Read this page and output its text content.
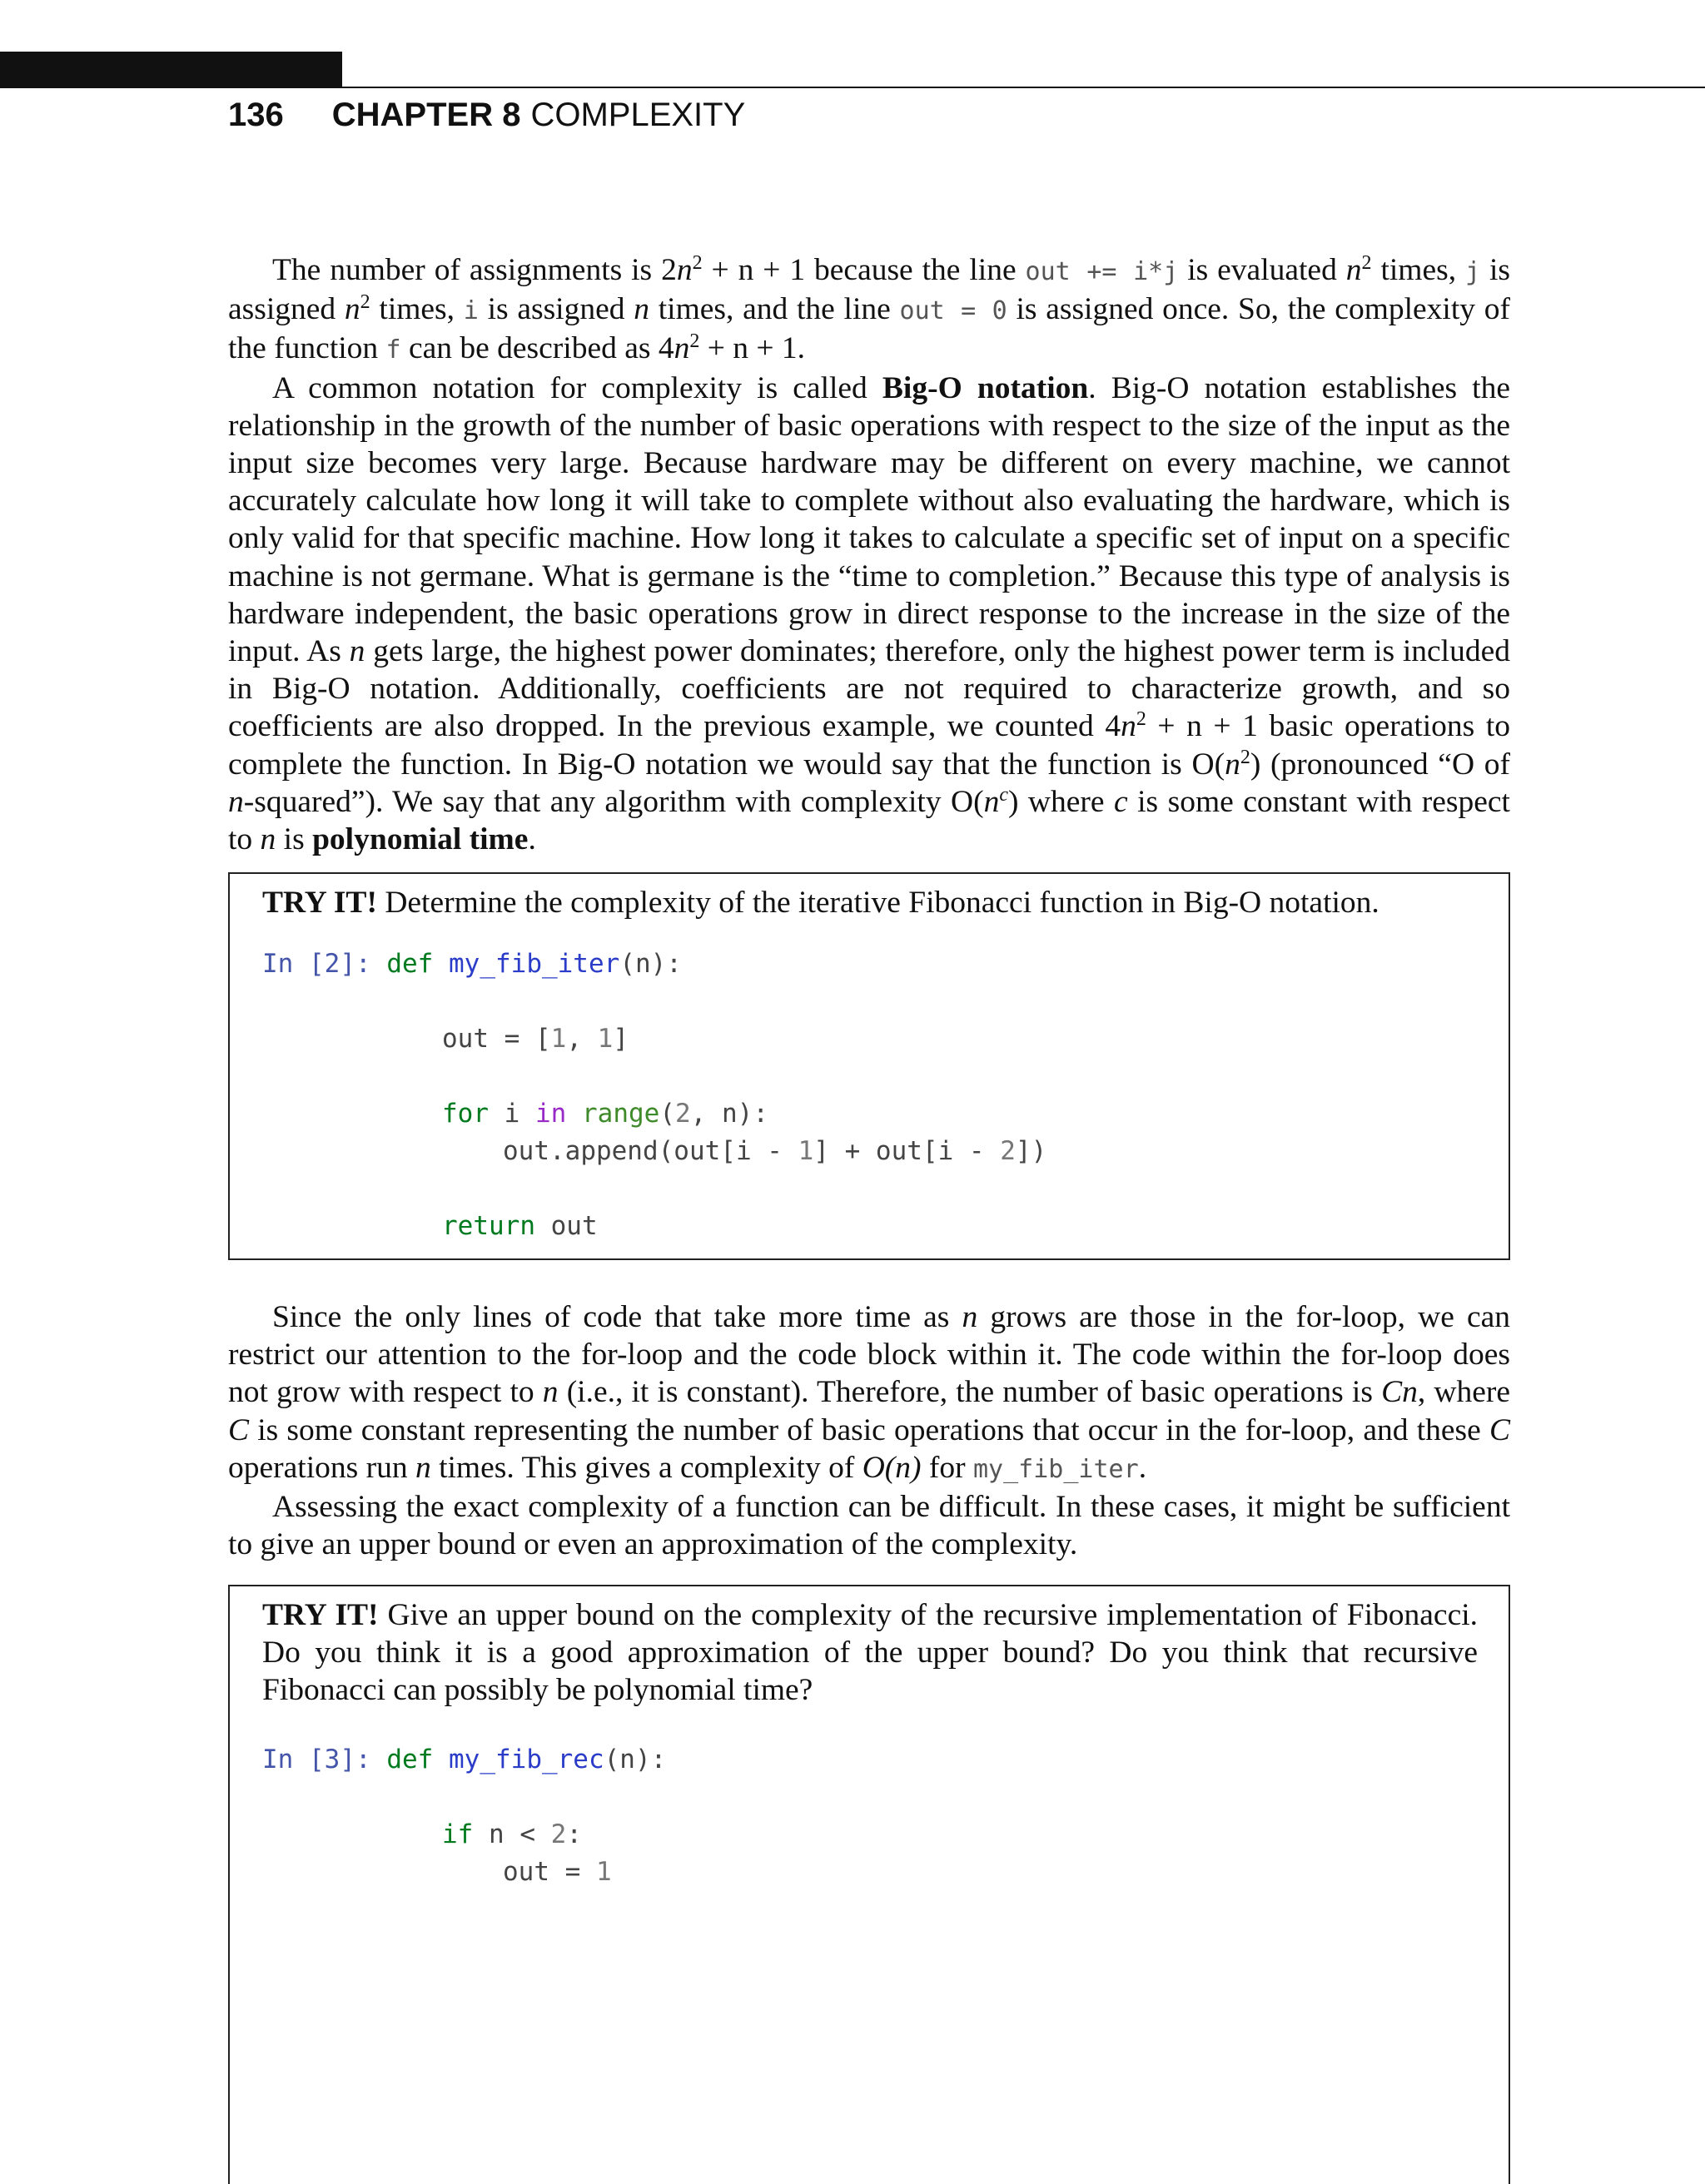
136 CHAPTER 8 COMPLEXITY

The number of assignments is $2n^2 + n + 1$ because the line out += i*j is evaluated $n^2$ times, j is assigned $n^2$ times, i is assigned n times, and the line out = 0 is assigned once. So, the complexity of the function f can be described as $4n^2 + n + 1$.

A common notation for complexity is called Big-O notation. Big-O notation establishes the relationship in the growth of the number of basic operations with respect to the size of the input as the input size becomes very large. Because hardware may be different on every machine, we cannot accurately calculate how long it will take to complete without also evaluating the hardware, which is only valid for that specific machine. How long it takes to calculate a specific set of input on a specific machine is not germane. What is germane is the “time to completion.” Because this type of analysis is hardware independent, the basic operations grow in direct response to the increase in the size of the input. As n gets large, the highest power dominates; therefore, only the highest power term is included in Big-O notation. Additionally, coefficients are not required to characterize growth, and so coefficients are also dropped. In the previous example, we counted $4n^2 + n + 1$ basic operations to complete the function. In Big-O notation we would say that the function is $O(n^2)$ (pronounced “O of n-squared”). We say that any algorithm with complexity $O(n^c)$ where c is some constant with respect to n is polynomial time.

TRY IT! Determine the complexity of the iterative Fibonacci function in Big-O notation.
In [2]: def my_fib_iter(n):
out = [1, 1]
for i in range(2, n):
out.append(out[i - 1] + out[i - 2])
return out

Since the only lines of code that take more time as n grows are those in the for-loop, we can restrict our attention to the for-loop and the code block within it. The code within the for-loop does not grow with respect to n (i.e., it is constant). Therefore, the number of basic operations is Cn, where C is some constant representing the number of basic operations that occur in the for-loop, and these C operations run n times. This gives a complexity of O(n) for my_fib_iter.

Assessing the exact complexity of a function can be difficult. In these cases, it might be sufficient to give an upper bound or even an approximation of the complexity.

TRY IT! Give an upper bound on the complexity of the recursive implementation of Fibonacci. Do you think it is a good approximation of the upper bound? Do you think that recursive Fibonacci can possibly be polynomial time?
In [3]: def my_fib_rec(n):
if n < 2:
out = 1
